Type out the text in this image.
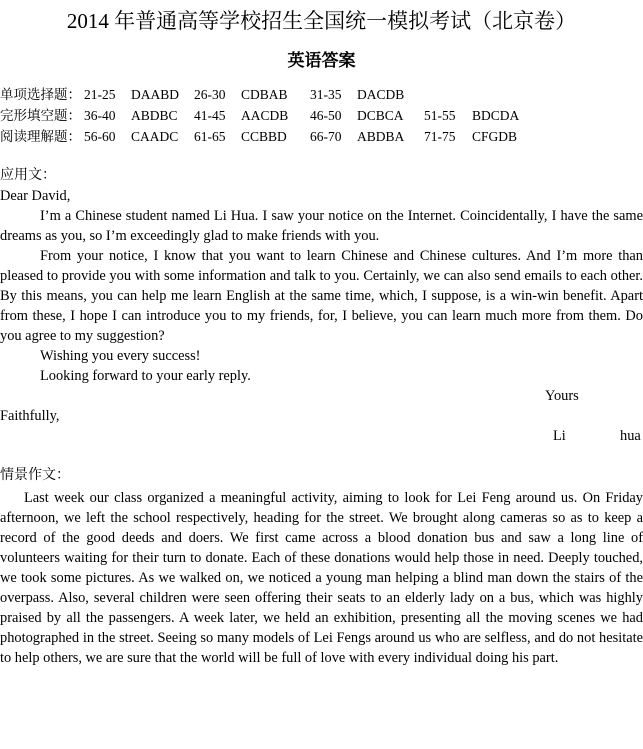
2014 年普通高等学校招生全国统一模拟考试（北京卷）
英语答案
单项选择题： 21-25 DAABD 26-30 CDBAB 31-35 DACDB
完形填空题： 36-40 ABDBC 41-45 AACDB 46-50 DCBCA 51-55 BDCDA
阅读理解题： 56-60 CAADC 61-65 CCBBD 66-70 ABDBA 71-75 CFGDB
应用文：

Dear David,

I’m a Chinese student named Li Hua. I saw your notice on the Internet. Coincidentally, I have the same dreams as you, so I’m exceedingly glad to make friends with you.

From your notice, I know that you want to learn Chinese and Chinese cultures. And I’m more than pleased to provide you with some information and talk to you. Certainly, we can also send emails to each other. By this means, you can help me learn English at the same time, which, I suppose, is a win-win benefit. Apart from these, I hope I can introduce you to my friends, for, I believe, you can learn much more from them. Do you agree to my suggestion?

Wishing you every success!

Looking forward to your early reply.

Yours
Faithfully,
Li	hua
情景作文：

Last week our class organized a meaningful activity, aiming to look for Lei Feng around us. On Friday afternoon, we left the school respectively, heading for the street. We brought along cameras so as to keep a record of the good deeds and doers. We first came across a blood donation bus and saw a long line of volunteers waiting for their turn to donate. Each of these donations would help those in need. Deeply touched, we took some pictures. As we walked on, we noticed a young man helping a blind man down the stairs of the overpass. Also, several children were seen offering their seats to an elderly lady on a bus, which was highly praised by all the passengers. A week later, we held an exhibition, presenting all the moving scenes we had photographed in the street. Seeing so many models of Lei Fengs around us who are selfless, and do not hesitate to help others, we are sure that the world will be full of love with every individual doing his part.
